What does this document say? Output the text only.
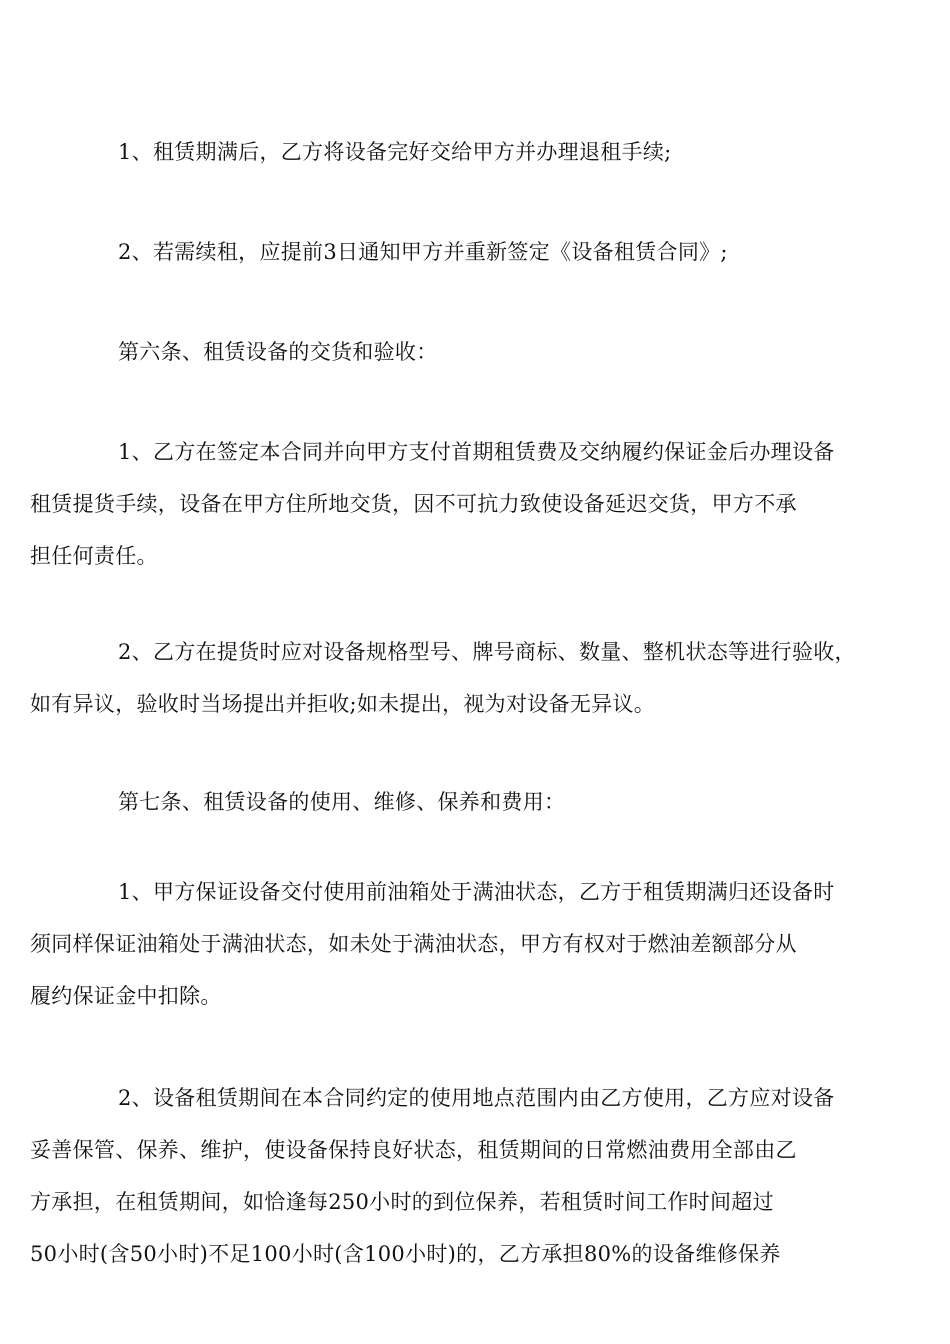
1、租赁期满后，乙方将设备完好交给甲方并办理退租手续;

2、若需续租，应提前3日通知甲方并重新签定《设备租赁合同》;

第六条、租赁设备的交货和验收：

1、乙方在签定本合同并向甲方支付首期租赁费及交纳履约保证金后办理设备
租赁提货手续，设备在甲方住所地交货，因不可抗力致使设备延迟交货，甲方不承
担任何责任。

2、乙方在提货时应对设备规格型号、牌号商标、数量、整机状态等进行验收，
如有异议，验收时当场提出并拒收;如未提出，视为对设备无异议。

第七条、租赁设备的使用、维修、保养和费用：

1、甲方保证设备交付使用前油箱处于满油状态，乙方于租赁期满归还设备时
须同样保证油箱处于满油状态，如未处于满油状态，甲方有权对于燃油差额部分从
履约保证金中扣除。

2、设备租赁期间在本合同约定的使用地点范围内由乙方使用，乙方应对设备
妥善保管、保养、维护，使设备保持良好状态，租赁期间的日常燃油费用全部由乙
方承担，在租赁期间，如恰逢每250小时的到位保养，若租赁时间工作时间超过
50小时(含50小时)不足100小时(含100小时)的，乙方承担80%的设备维修保养
